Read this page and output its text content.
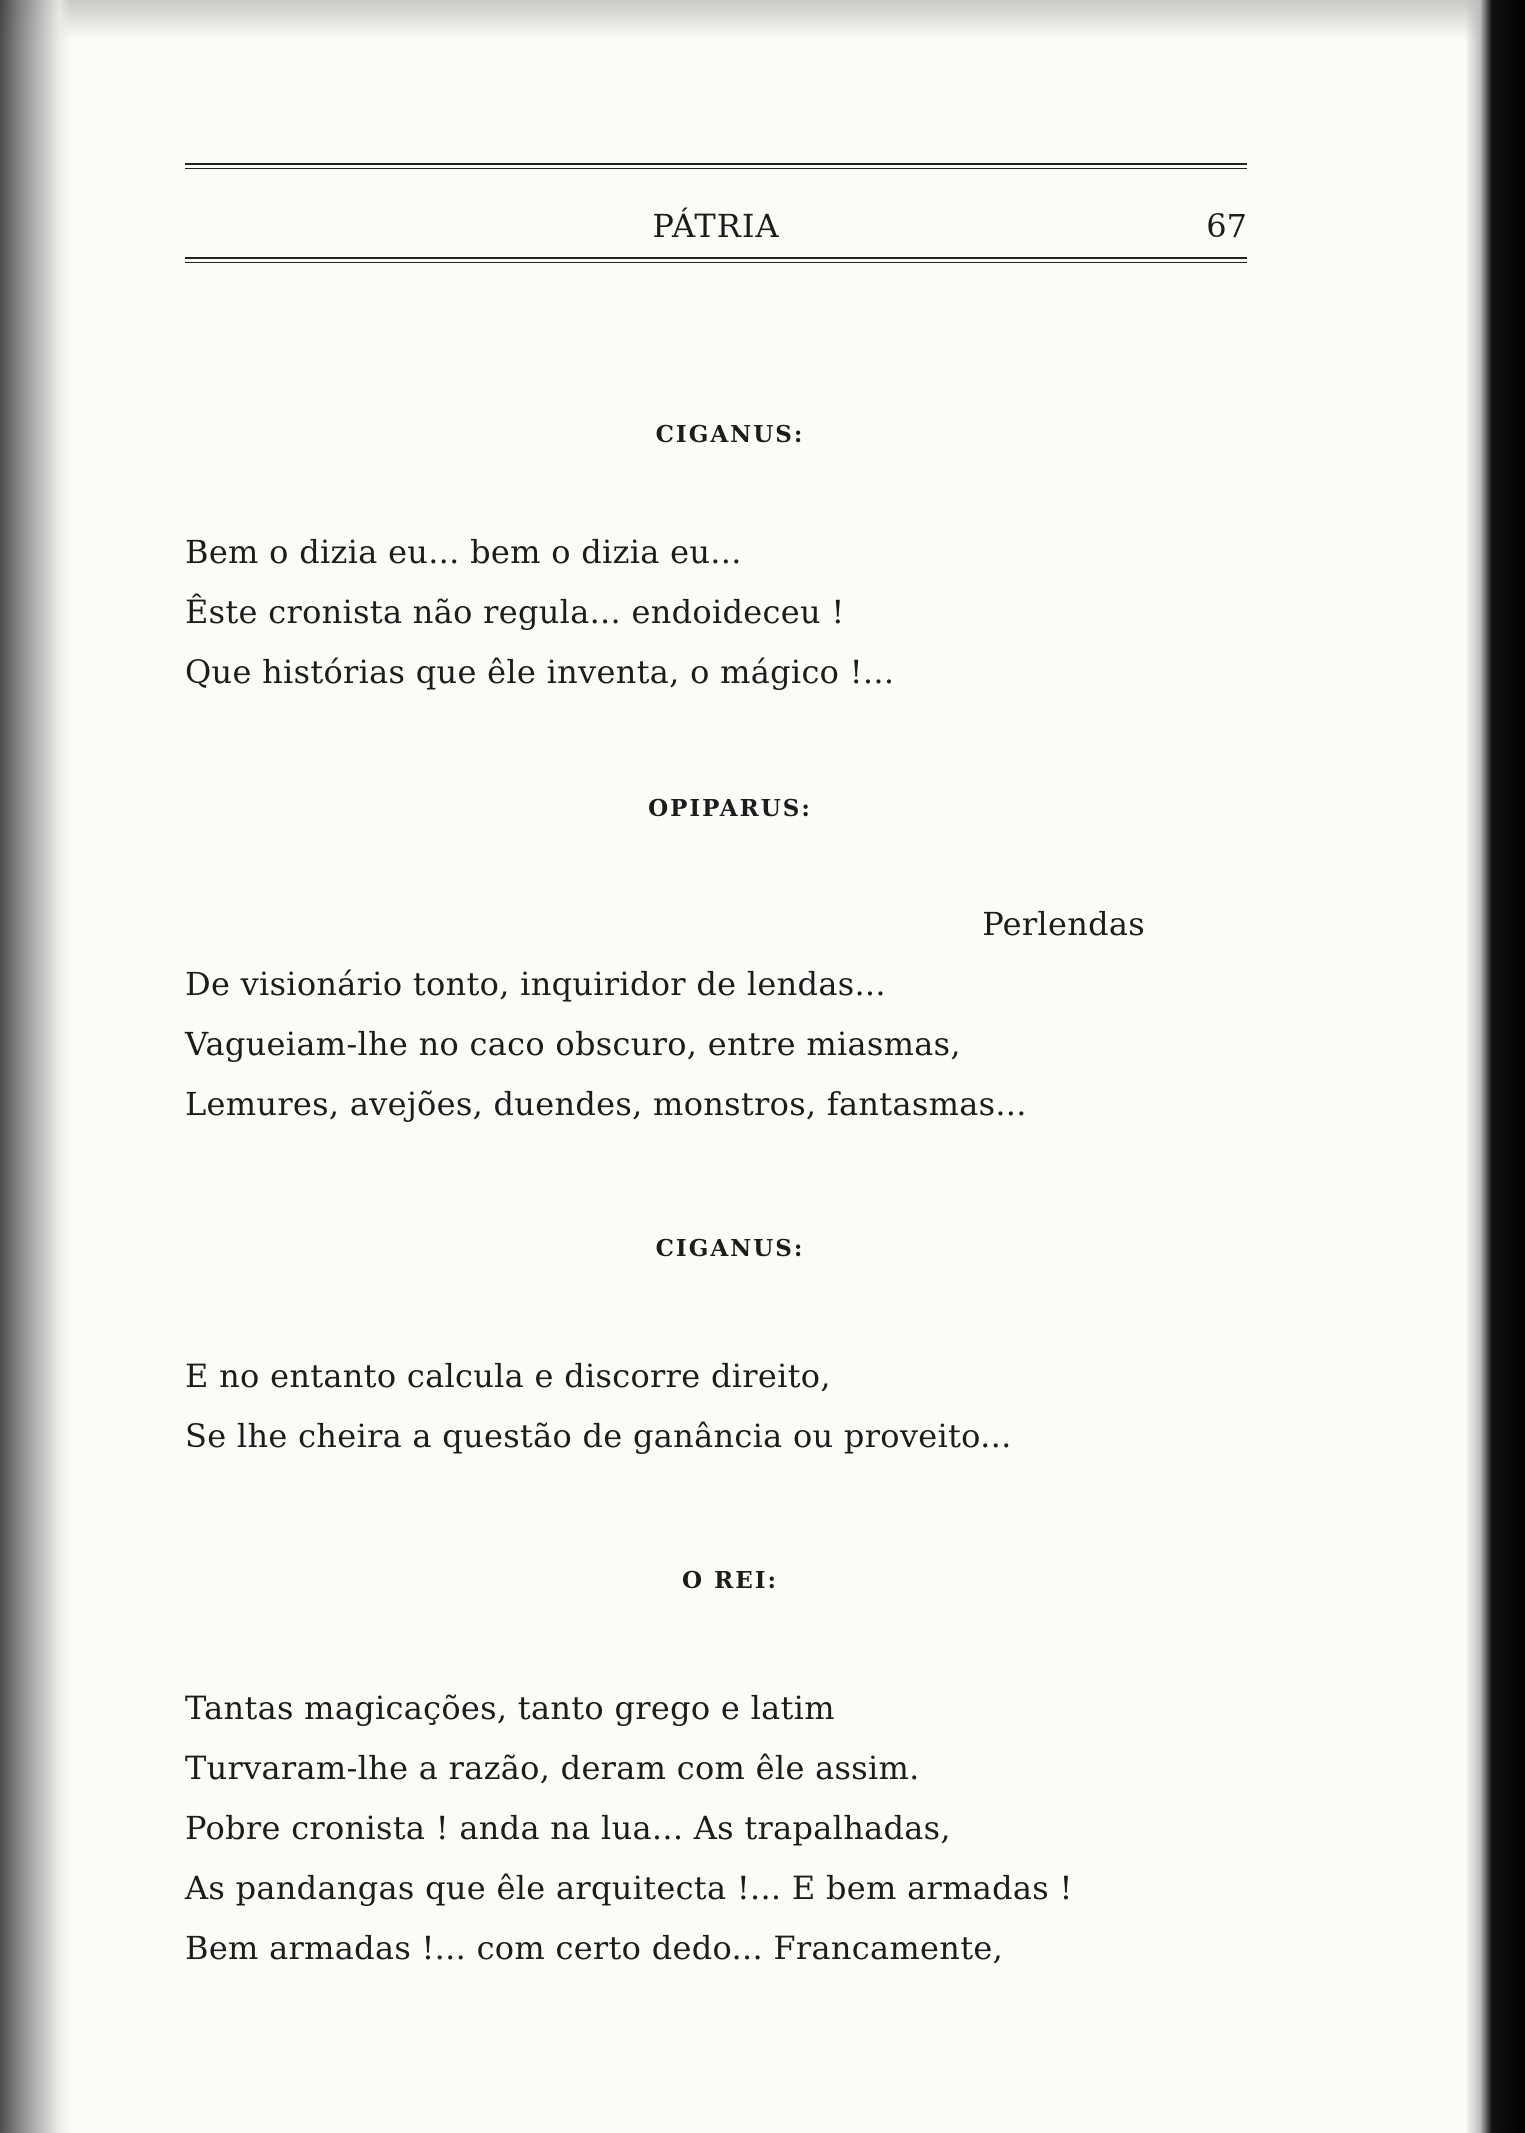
PÁTRIA	67
CIGANUS:
Bem o dizia eu... bem o dizia eu...
Êste cronista não regula... endoideceu !
Que histórias que êle inventa, o mágico !...
OPIPARUS:
Perlendas
De visionário tonto, inquiridor de lendas...
Vagueiam-lhe no caco obscuro, entre miasmas,
Lemures, avejões, duendes, monstros, fantasmas...
CIGANUS:
E no entanto calcula e discorre direito,
Se lhe cheira a questão de ganância ou proveito...
O REI:
Tantas magicações, tanto grego e latim
Turvaram-lhe a razão, deram com êle assim.
Pobre cronista ! anda na lua... As trapalhadas,
As pandangas que êle arquitecta !... E bem armadas !
Bem armadas !... com certo dedo... Francamente,
